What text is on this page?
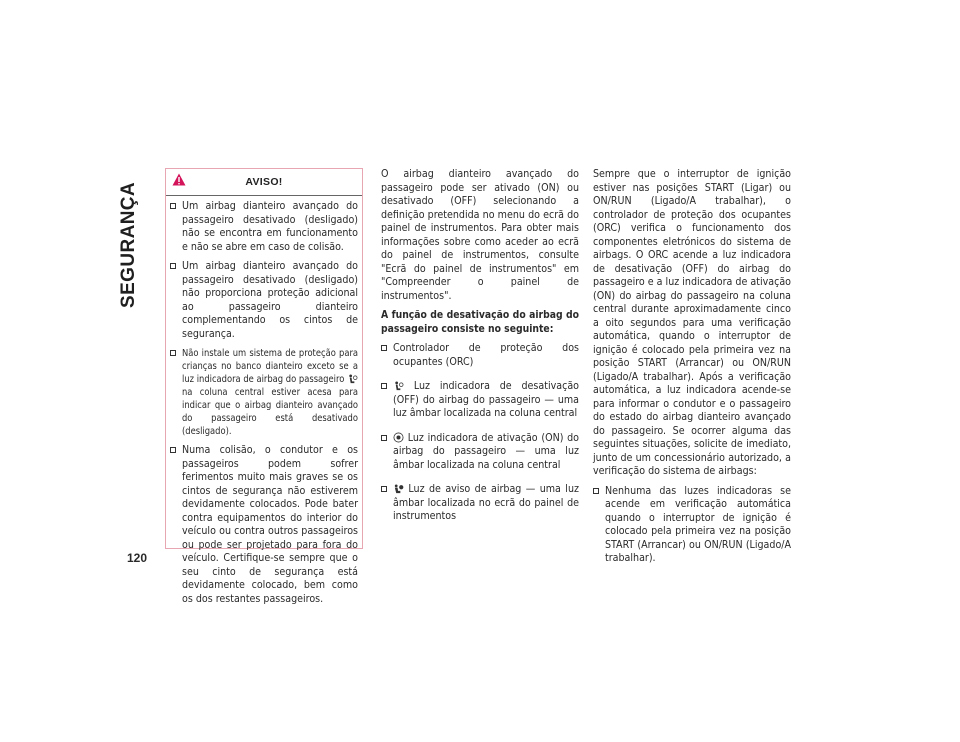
SEGURANÇA
120
AVISO!
Um airbag dianteiro avançado do passageiro desativado (desligado) não se encontra em funcionamento e não se abre em caso de colisão.
Um airbag dianteiro avançado do passageiro desativado (desligado) não proporciona proteção adicional ao passageiro dianteiro complementando os cintos de segurança.
Não instale um sistema de proteção para crianças no banco dianteiro exceto se a luz indicadora de airbag do passageiro  na coluna central estiver acesa para indicar que o airbag dianteiro avançado do passageiro está desativado (desligado).
Numa colisão, o condutor e os passageiros podem sofrer ferimentos muito mais graves se os cintos de segurança não estiverem devidamente colocados. Pode bater contra equipamentos do interior do veículo ou contra outros passageiros ou pode ser projetado para fora do veículo. Certifique-se sempre que o seu cinto de segurança está devidamente colocado, bem como os dos restantes passageiros.

O airbag dianteiro avançado do passageiro pode ser ativado (ON) ou desativado (OFF) selecionando a definição pretendida no menu do ecrã do painel de instrumentos. Para obter mais informações sobre como aceder ao ecrã do painel de instrumentos, consulte "Ecrã do painel de instrumentos" em "Compreender o painel de instrumentos".

A função de desativação do airbag do passageiro consiste no seguinte:

Controlador de proteção dos ocupantes (ORC)
Luz indicadora de desativação (OFF) do airbag do passageiro — uma luz âmbar localizada na coluna central
Luz indicadora de ativação (ON) do airbag do passageiro — uma luz âmbar localizada na coluna central
Luz de aviso de airbag — uma luz âmbar localizada no ecrã do painel de instrumentos

Sempre que o interruptor de ignição estiver nas posições START (Ligar) ou ON/RUN (Ligado/A trabalhar), o controlador de proteção dos ocupantes (ORC) verifica o funcionamento dos componentes eletrónicos do sistema de airbags. O ORC acende a luz indicadora de desativação (OFF) do airbag do passageiro e a luz indicadora de ativação (ON) do airbag do passageiro na coluna central durante aproximadamente cinco a oito segundos para uma verificação automática, quando o interruptor de ignição é colocado pela primeira vez na posição START (Arrancar) ou ON/RUN (Ligado/A trabalhar). Após a verificação automática, a luz indicadora acende-se para informar o condutor e o passageiro do estado do airbag dianteiro avançado do passageiro. Se ocorrer alguma das seguintes situações, solicite de imediato, junto de um concessionário autorizado, a verificação do sistema de airbags:

Nenhuma das luzes indicadoras se acende em verificação automática quando o interruptor de ignição é colocado pela primeira vez na posição START (Arrancar) ou ON/RUN (Ligado/A trabalhar).
